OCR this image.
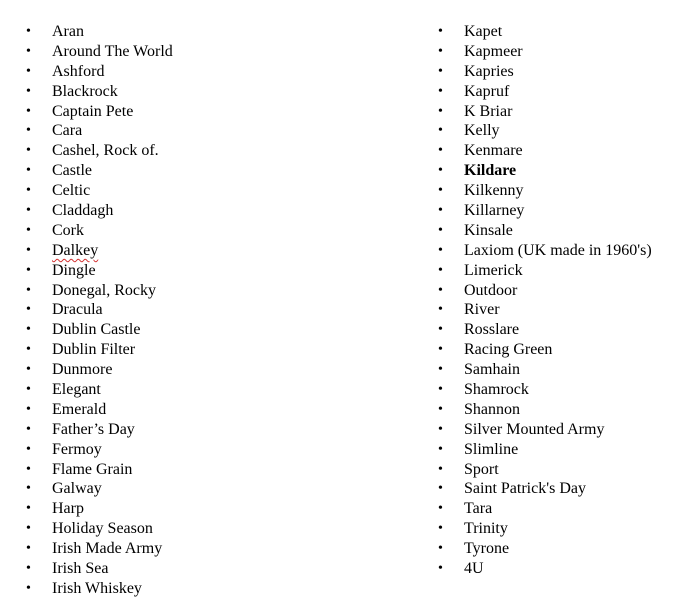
•	Aran
•	Around The World
•	Ashford
•	Blackrock
•	Captain Pete
•	Cara
•	Cashel, Rock of.
•	Castle
•	Celtic
•	Claddagh
•	Cork
•	Dalkey
•	Dingle
•	Donegal, Rocky
•	Dracula
•	Dublin Castle
•	Dublin Filter
•	Dunmore
•	Elegant
•	Emerald
•	Father’s Day
•	Fermoy
•	Flame Grain
•	Galway
•	Harp
•	Holiday Season
•	Irish Made Army
•	Irish Sea
•	Irish Whiskey
•	Kapet
•	Kapmeer
•	Kapries
•	Kapruf
•	K Briar
•	Kelly
•	Kenmare
•	Kildare
•	Kilkenny
•	Killarney
•	Kinsale
•	Laxiom (UK made in 1960's)
•	Limerick
•	Outdoor
•	River
•	Rosslare
•	Racing Green
•	Samhain
•	Shamrock
•	Shannon
•	Silver Mounted Army
•	Slimline
•	Sport
•	Saint Patrick's Day
•	Tara
•	Trinity
•	Tyrone
•	4U
